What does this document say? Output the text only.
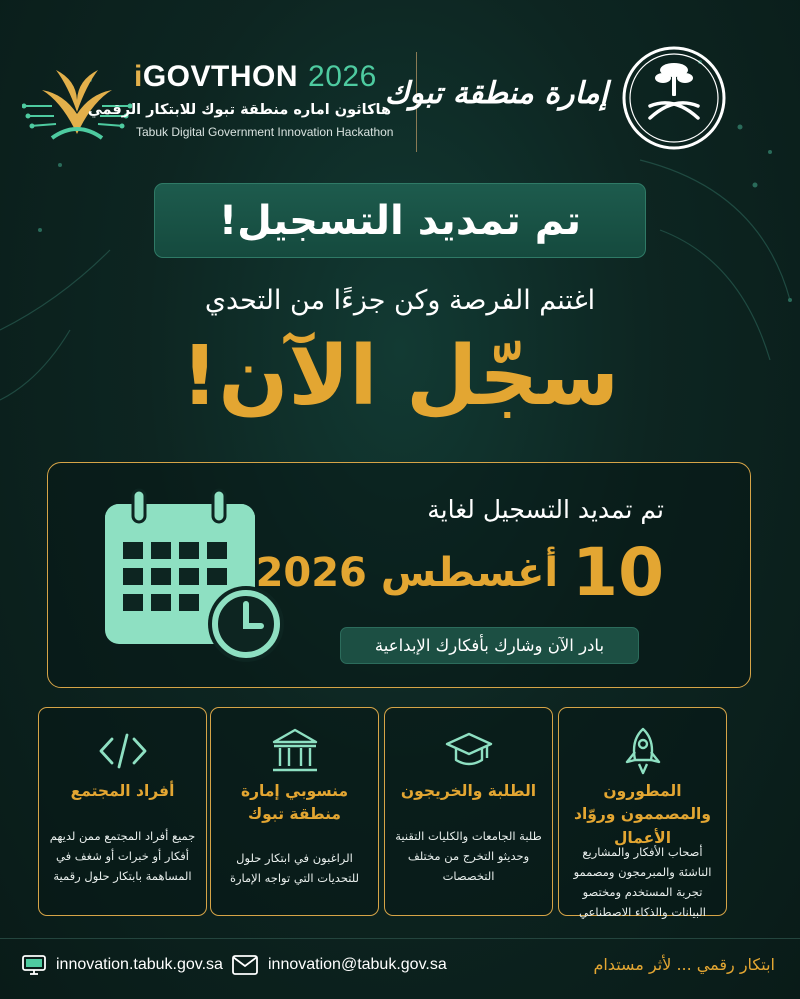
iGOVTHON 2026
هاكاثون اماره منطقة تبوك للابتكار الرقمي
Tabuk Digital Government Innovation Hackathon
إمارة منطقة تبوك
تم تمديد التسجيل!
اغتنم الفرصة وكن جزءًا من التحدي
سجّل الآن!
تم تمديد التسجيل لغاية
10
أغسطس
2026
بادر الآن وشارك بأفكارك الإبداعية
المطورون والمصممون وروّاد الأعمال
أصحاب الأفكار والمشاريع الناشئة والمبرمجون ومصممو تجربة المستخدم ومختصو البيانات والذكاء الاصطناعي
الطلبة والخريجون
طلبة الجامعات والكليات التقنية وحديثو التخرج من مختلف التخصصات
منسوبي إمارة منطقة تبوك
الراغبون في ابتكار حلول للتحديات التي تواجه الإمارة
أفراد المجتمع
جميع أفراد المجتمع ممن لديهم أفكار أو خبرات أو شغف في المساهمة بابتكار حلول رقمية
innovation.tabuk.gov.sa	innovation@tabuk.gov.sa	ابتكار رقمي ... لأثر مستدام
